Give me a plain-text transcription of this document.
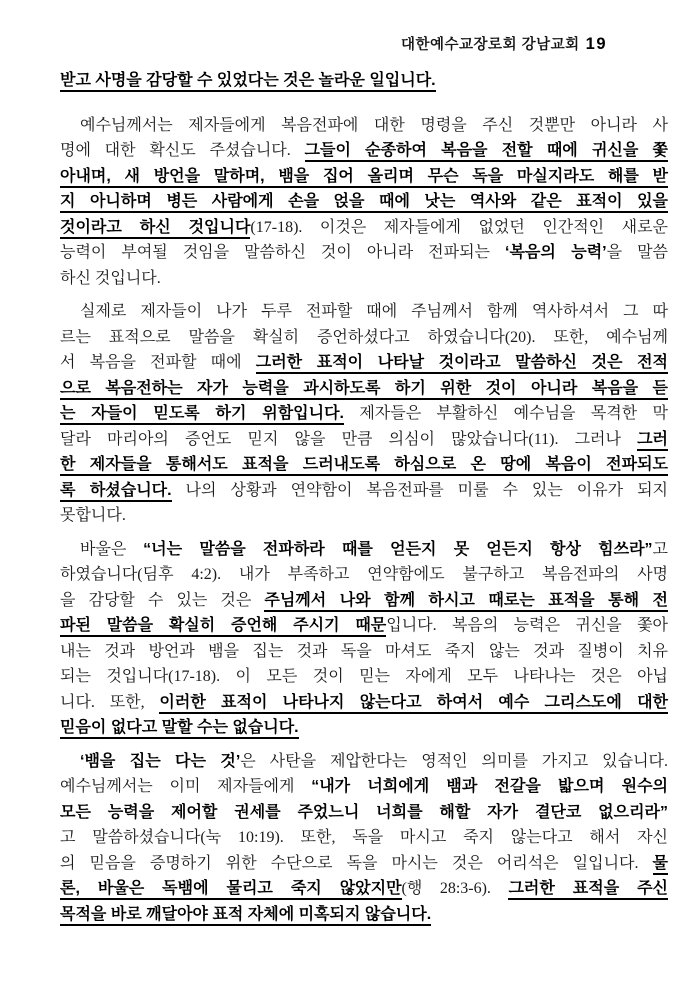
대한예수교장로회 강남교회 19
받고 사명을 감당할 수 있었다는 것은 놀라운 일입니다.
예수님께서는 제자들에게 복음전파에 대한 명령을 주신 것뿐만 아니라 사
명에 대한 확신도 주셨습니다. 그들이 순종하여 복음을 전할 때에 귀신을 쫓
아내며, 새 방언을 말하며, 뱀을 집어 올리며 무슨 독을 마실지라도 해를 받
지 아니하며 병든 사람에게 손을 얹을 때에 낫는 역사와 같은 표적이 있을
것이라고 하신 것입니다(17-18). 이것은 제자들에게 없었던 인간적인 새로운
능력이 부여될 것임을 말씀하신 것이 아니라 전파되는 ‘복음의 능력’을 말씀
하신 것입니다.
실제로 제자들이 나가 두루 전파할 때에 주님께서 함께 역사하셔서 그 따
르는 표적으로 말씀을 확실히 증언하셨다고 하였습니다(20). 또한, 예수님께
서 복음을 전파할 때에 그러한 표적이 나타날 것이라고 말씀하신 것은 전적
으로 복음전하는 자가 능력을 과시하도록 하기 위한 것이 아니라 복음을 듣
는 자들이 믿도록 하기 위함입니다. 제자들은 부활하신 예수님을 목격한 막
달라 마리아의 증언도 믿지 않을 만큼 의심이 많았습니다(11). 그러나 그러
한 제자들을 통해서도 표적을 드러내도록 하심으로 온 땅에 복음이 전파되도
록 하셨습니다. 나의 상황과 연약함이 복음전파를 미룰 수 있는 이유가 되지
못합니다.
바울은 “너는 말씀을 전파하라 때를 얻든지 못 얻든지 항상 힘쓰라”고
하였습니다(딤후 4:2). 내가 부족하고 연약함에도 불구하고 복음전파의 사명
을 감당할 수 있는 것은 주님께서 나와 함께 하시고 때로는 표적을 통해 전
파된 말씀을 확실히 증언해 주시기 때문입니다. 복음의 능력은 귀신을 쫓아
내는 것과 방언과 뱀을 집는 것과 독을 마셔도 죽지 않는 것과 질병이 치유
되는 것입니다(17-18). 이 모든 것이 믿는 자에게 모두 나타나는 것은 아닙
니다. 또한, 이러한 표적이 나타나지 않는다고 하여서 예수 그리스도에 대한
믿음이 없다고 말할 수는 없습니다.
‘뱀을 집는 다는 것’은 사탄을 제압한다는 영적인 의미를 가지고 있습니다.
예수님께서는 이미 제자들에게 “내가 너희에게 뱀과 전갈을 밟으며 원수의
모든 능력을 제어할 권세를 주었느니 너희를 해할 자가 결단코 없으리라”
고 말씀하셨습니다(눅 10:19). 또한, 독을 마시고 죽지 않는다고 해서 자신
의 믿음을 증명하기 위한 수단으로 독을 마시는 것은 어리석은 일입니다. 물
론, 바울은 독뱀에 물리고 죽지 않았지만(행 28:3-6). 그러한 표적을 주신
목적을 바로 깨달아야 표적 자체에 미혹되지 않습니다.
